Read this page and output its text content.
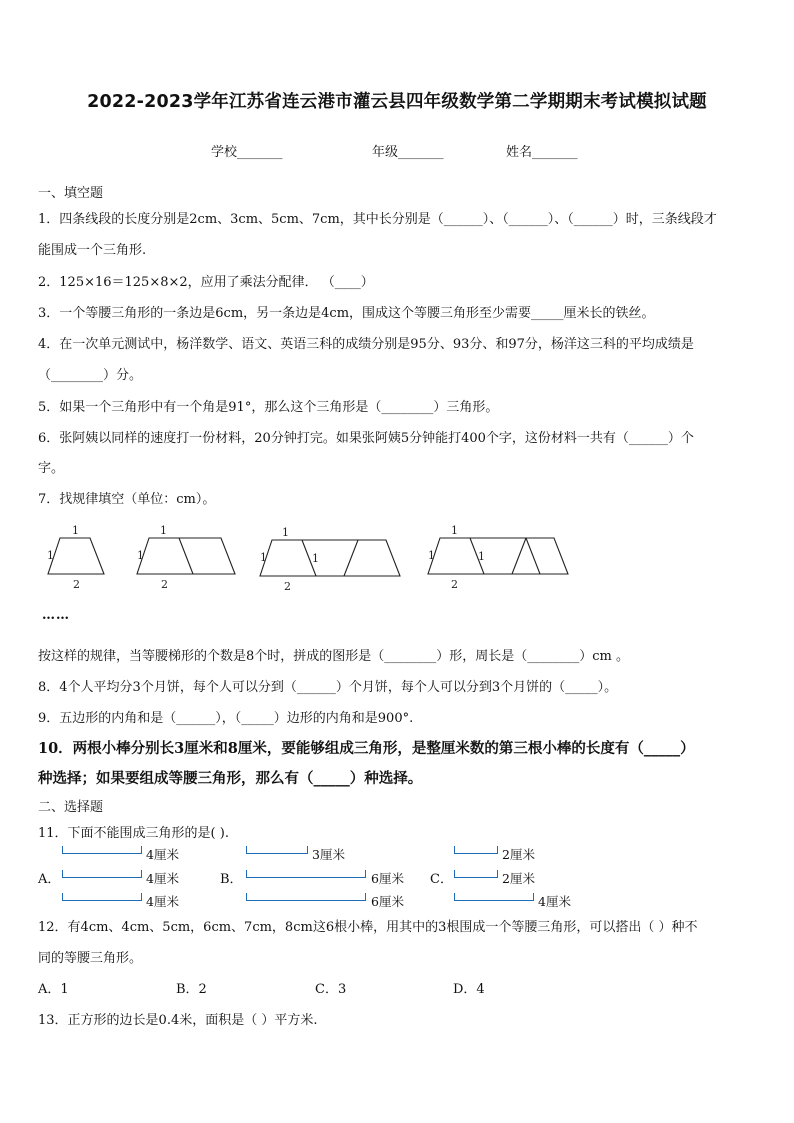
2022-2023学年江苏省连云港市灌云县四年级数学第二学期期末考试模拟试题
学校_______	年级_______	姓名_______
一、填空题
1．四条线段的长度分别是2cm、3cm、5cm、7cm，其中长分别是（______）、（______）、（______）时，三条线段才
能围成一个三角形.
2．125×16＝125×8×2，应用了乘法分配律． （____）
3．一个等腰三角形的一条边是6cm，另一条边是4cm，围成这个等腰三角形至少需要_____厘米长的铁丝。
4．在一次单元测试中，杨洋数学、语文、英语三科的成绩分别是95分、93分、和97分，杨洋这三科的平均成绩是
（________）分。
5．如果一个三角形中有一个角是91°，那么这个三角形是（________）三角形。
6．张阿姨以同样的速度打一份材料，20分钟打完。如果张阿姨5分钟能打400个字，这份材料一共有（______）个
字。
7．找规律填空（单位：cm）。
1
1
2
1
1
2
1
1	1
2
1
1	1
2
……
按这样的规律，当等腰梯形的个数是8个时，拼成的图形是（________）形，周长是（________）cm 。
8．4个人平均分3个月饼，每个人可以分到（______）个月饼，每个人可以分到3个月饼的（_____）。
9．五边形的内角和是（______），（_____）边形的内角和是900°.
10．两根小棒分别长3厘米和8厘米，要能够组成三角形，是整厘米数的第三根小棒的长度有（_____）
种选择；如果要组成等腰三角形，那么有（_____）种选择。
二、选择题
11．下面不能围成三角形的是( ).
A．
4厘米
4厘米
4厘米
B．
3厘米
6厘米
6厘米
C．
2厘米
2厘米
4厘米
12．有4cm、4cm、5cm，6cm、7cm，8cm这6根小棒，用其中的3根围成一个等腰三角形，可以搭出（ ）种不
同的等腰三角形。
A．1	B．2	C．3	D．4
13．正方形的边长是0.4米，面积是（ ）平方米.
